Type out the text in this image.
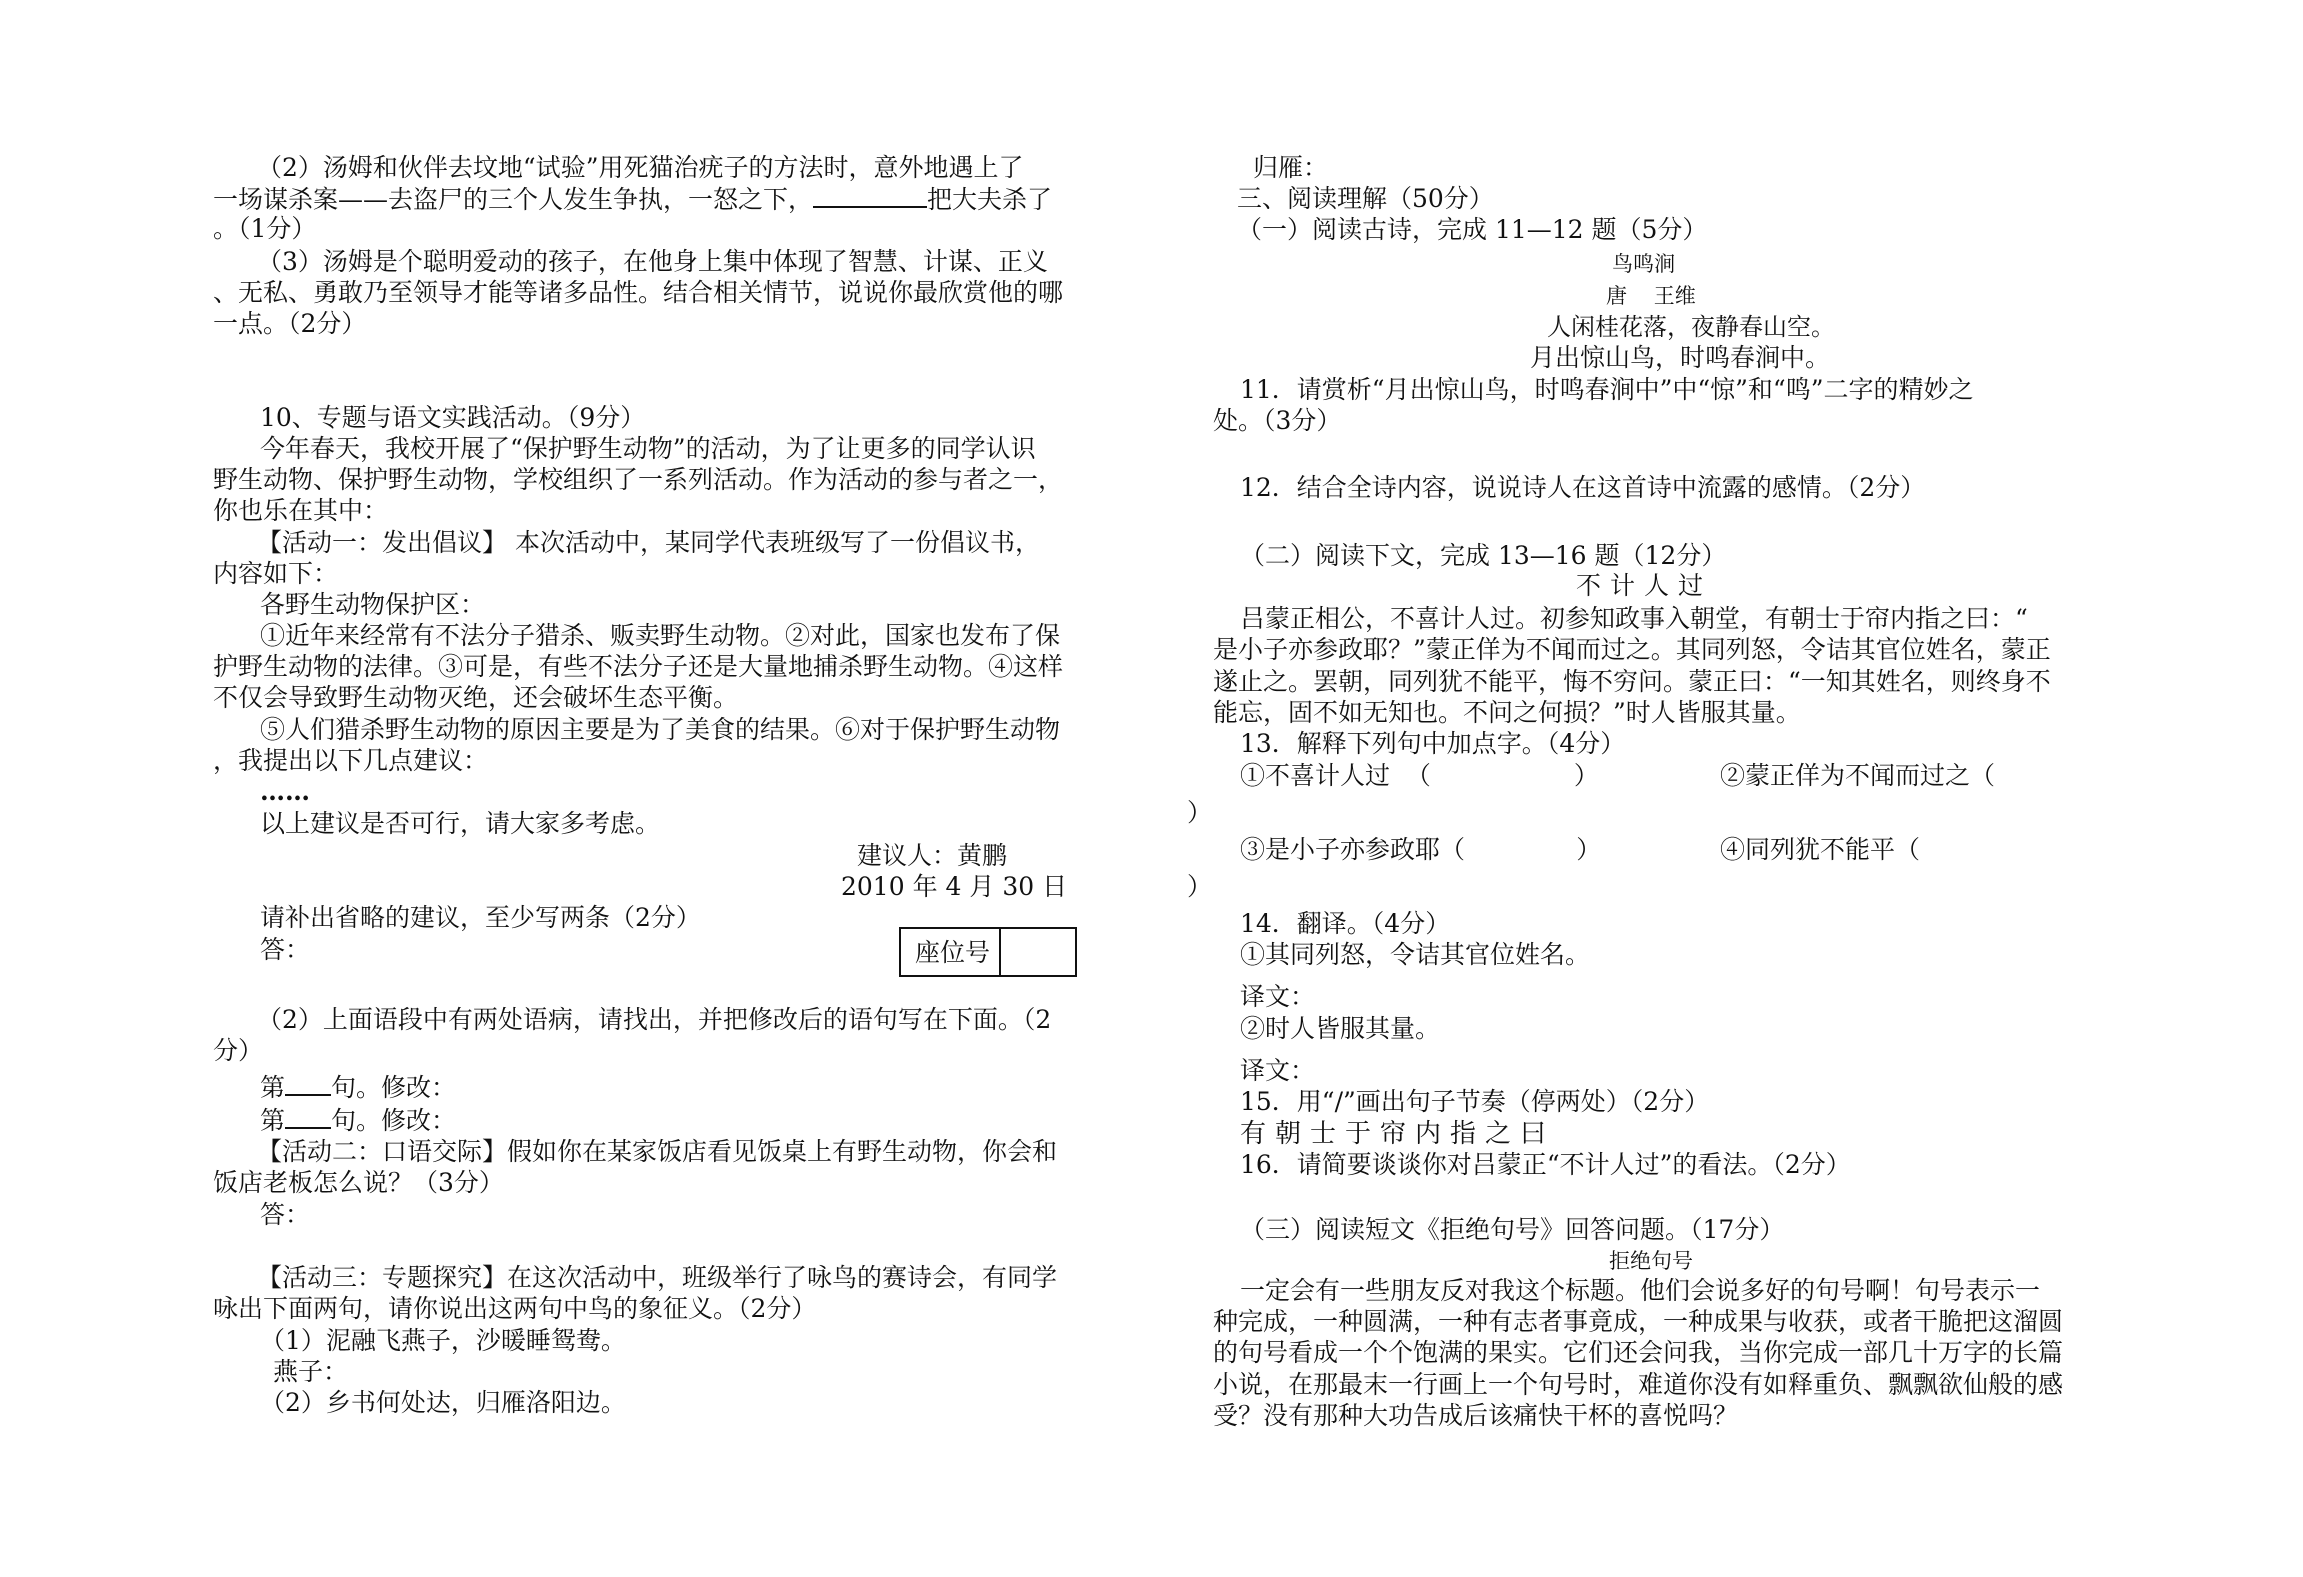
（2）汤姆和伙伴去坟地“试验”用死猫治疣子的方法时，意外地遇上了
一场谋杀案——去盗尸的三个人发生争执，一怒之下，	把大夫杀了
。（1分）
（3）汤姆是个聪明爱动的孩子，在他身上集中体现了智慧、计谋、正义
、无私、勇敢乃至领导才能等诸多品性。结合相关情节，说说你最欣赏他的哪
一点。（2分）
10、专题与语文实践活动。（9分）
今年春天，我校开展了“保护野生动物”的活动，为了让更多的同学认识
野生动物、保护野生动物，学校组织了一系列活动。作为活动的参与者之一，
你也乐在其中：
【活动一：发出倡议】 本次活动中，某同学代表班级写了一份倡议书，
内容如下：
各野生动物保护区：
①近年来经常有不法分子猎杀、贩卖野生动物。②对此，国家也发布了保
护野生动物的法律。③可是，有些不法分子还是大量地捕杀野生动物。④这样
不仅会导致野生动物灭绝，还会破坏生态平衡。
⑤人们猎杀野生动物的原因主要是为了美食的结果。⑥对于保护野生动物
，我提出以下几点建议：
……
以上建议是否可行，请大家多考虑。
建议人：黄鹏
2010 年 4 月 30 日
请补出省略的建议，至少写两条（2分）
答：	座位号
（2）上面语段中有两处语病，请找出，并把修改后的语句写在下面。（2
分）
第 句。修改：
第 句。修改：
【活动二：口语交际】假如你在某家饭店看见饭桌上有野生动物，你会和
饭店老板怎么说？（3分）
答：
【活动三：专题探究】在这次活动中，班级举行了咏鸟的赛诗会，有同学
咏出下面两句，请你说出这两句中鸟的象征义。（2分）
（1）泥融飞燕子，沙暖睡鸳鸯。
燕子：
（2）乡书何处达，归雁洛阳边。
归雁：
三、阅读理解（50分）
（一）阅读古诗，完成 11—12 题（5分）
鸟鸣涧
唐    王维
人闲桂花落，夜静春山空。
月出惊山鸟，时鸣春涧中。
11．请赏析“月出惊山鸟，时鸣春涧中”中“惊”和“鸣”二字的精妙之
处。（3分）
12．结合全诗内容，说说诗人在这首诗中流露的感情。（2分）
（二）阅读下文，完成 13—16 题（12分）
不计人过
吕蒙正相公，不喜计人过。初参知政事入朝堂，有朝士于帘内指之曰：“
是小子亦参政耶？”蒙正佯为不闻而过之。其同列怒，令诘其官位姓名，蒙正
遂止之。罢朝，同列犹不能平，悔不穷问。蒙正曰：“一知其姓名，则终身不
能忘，固不如无知也。不问之何损？”时人皆服其量。
13．解释下列句中加点字。（4分）
①不喜计人过  （                  ）	②蒙正佯为不闻而过之（
）
③是小子亦参政耶（              ）	④同列犹不能平（
）
14．翻译。（4分）
①其同列怒，令诘其官位姓名。
译文：
②时人皆服其量。
译文：
15．用“/”画出句子节奏（停两处）（2分）
有朝士于帘内指之曰
16．请简要谈谈你对吕蒙正“不计人过”的看法。（2分）
（三）阅读短文《拒绝句号》回答问题。（17分）
拒绝句号
一定会有一些朋友反对我这个标题。他们会说多好的句号啊！句号表示一
种完成，一种圆满，一种有志者事竟成，一种成果与收获，或者干脆把这溜圆
的句号看成一个个饱满的果实。它们还会问我，当你完成一部几十万字的长篇
小说，在那最末一行画上一个句号时，难道你没有如释重负、飘飘欲仙般的感
受？没有那种大功告成后该痛快干杯的喜悦吗？
